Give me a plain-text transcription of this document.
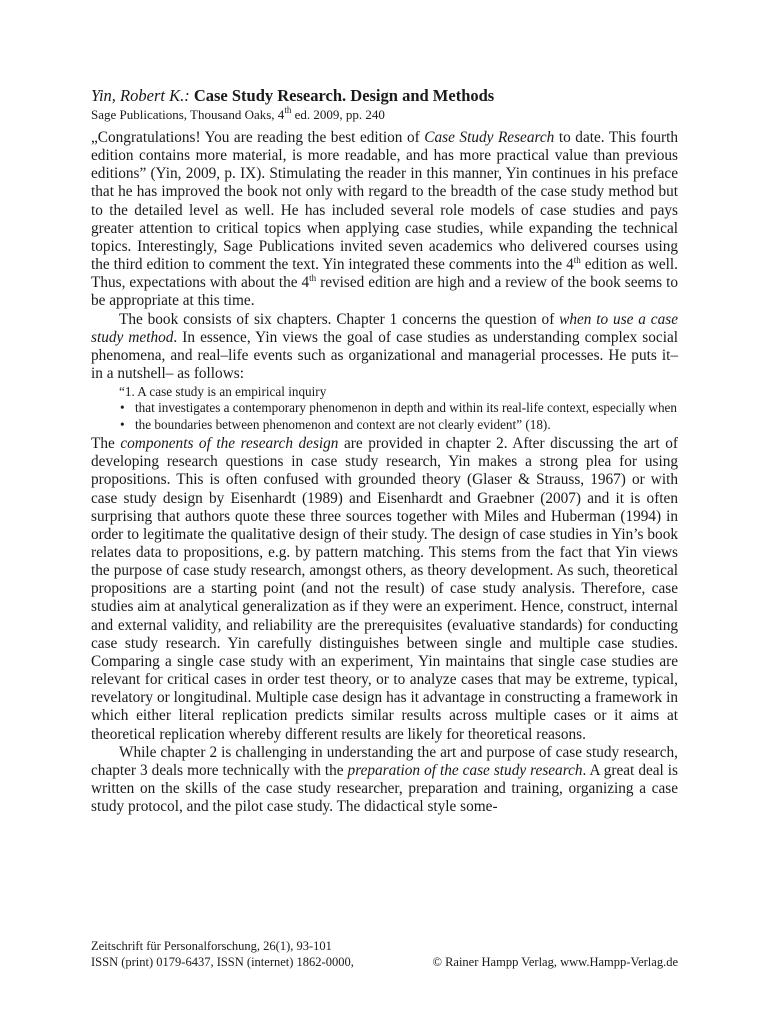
Yin, Robert K.: Case Study Research. Design and Methods

Sage Publications, Thousand Oaks, 4th ed. 2009, pp. 240

„Congratulations! You are reading the best edition of Case Study Research to date. This fourth edition contains more material, is more readable, and has more practical value than previous editions” (Yin, 2009, p. IX). Stimulating the reader in this manner, Yin continues in his preface that he has improved the book not only with regard to the breadth of the case study method but to the detailed level as well. He has included several role models of case studies and pays greater attention to critical topics when applying case studies, while expanding the technical topics. Interestingly, Sage Publications invited seven academics who delivered courses using the third edition to comment the text. Yin integrated these comments into the 4th edition as well. Thus, expectations with about the 4th revised edition are high and a review of the book seems to be appropriate at this time.

The book consists of six chapters. Chapter 1 concerns the question of when to use a case study method. In essence, Yin views the goal of case studies as understanding complex social phenomena, and real–life events such as organizational and managerial processes. He puts it– in a nutshell– as follows:

“1. A case study is an empirical inquiry

• that investigates a contemporary phenomenon in depth and within its real-life context, especially when
• the boundaries between phenomenon and context are not clearly evident” (18).

The components of the research design are provided in chapter 2. After discussing the art of developing research questions in case study research, Yin makes a strong plea for using propositions. This is often confused with grounded theory (Glaser & Strauss, 1967) or with case study design by Eisenhardt (1989) and Eisenhardt and Graebner (2007) and it is often surprising that authors quote these three sources together with Miles and Huberman (1994) in order to legitimate the qualitative design of their study. The design of case studies in Yin’s book relates data to propositions, e.g. by pattern matching. This stems from the fact that Yin views the purpose of case study research, amongst others, as theory development. As such, theoretical propositions are a starting point (and not the result) of case study analysis. Therefore, case studies aim at analytical generalization as if they were an experiment. Hence, construct, internal and external validity, and reliability are the prerequisites (evaluative standards) for conducting case study research. Yin carefully distinguishes between single and multiple case studies. Comparing a single case study with an experiment, Yin maintains that single case studies are relevant for critical cases in order test theory, or to analyze cases that may be extreme, typical, revelatory or longitudinal. Multiple case design has it advantage in constructing a framework in which either literal replication predicts similar results across multiple cases or it aims at theoretical replication whereby different results are likely for theoretical reasons.

While chapter 2 is challenging in understanding the art and purpose of case study research, chapter 3 deals more technically with the preparation of the case study research. A great deal is written on the skills of the case study researcher, preparation and training, organizing a case study protocol, and the pilot case study. The didactical style some-

Zeitschrift für Personalforschung, 26(1), 93-101
ISSN (print) 0179-6437, ISSN (internet) 1862-0000,	© Rainer Hampp Verlag, www.Hampp-Verlag.de
